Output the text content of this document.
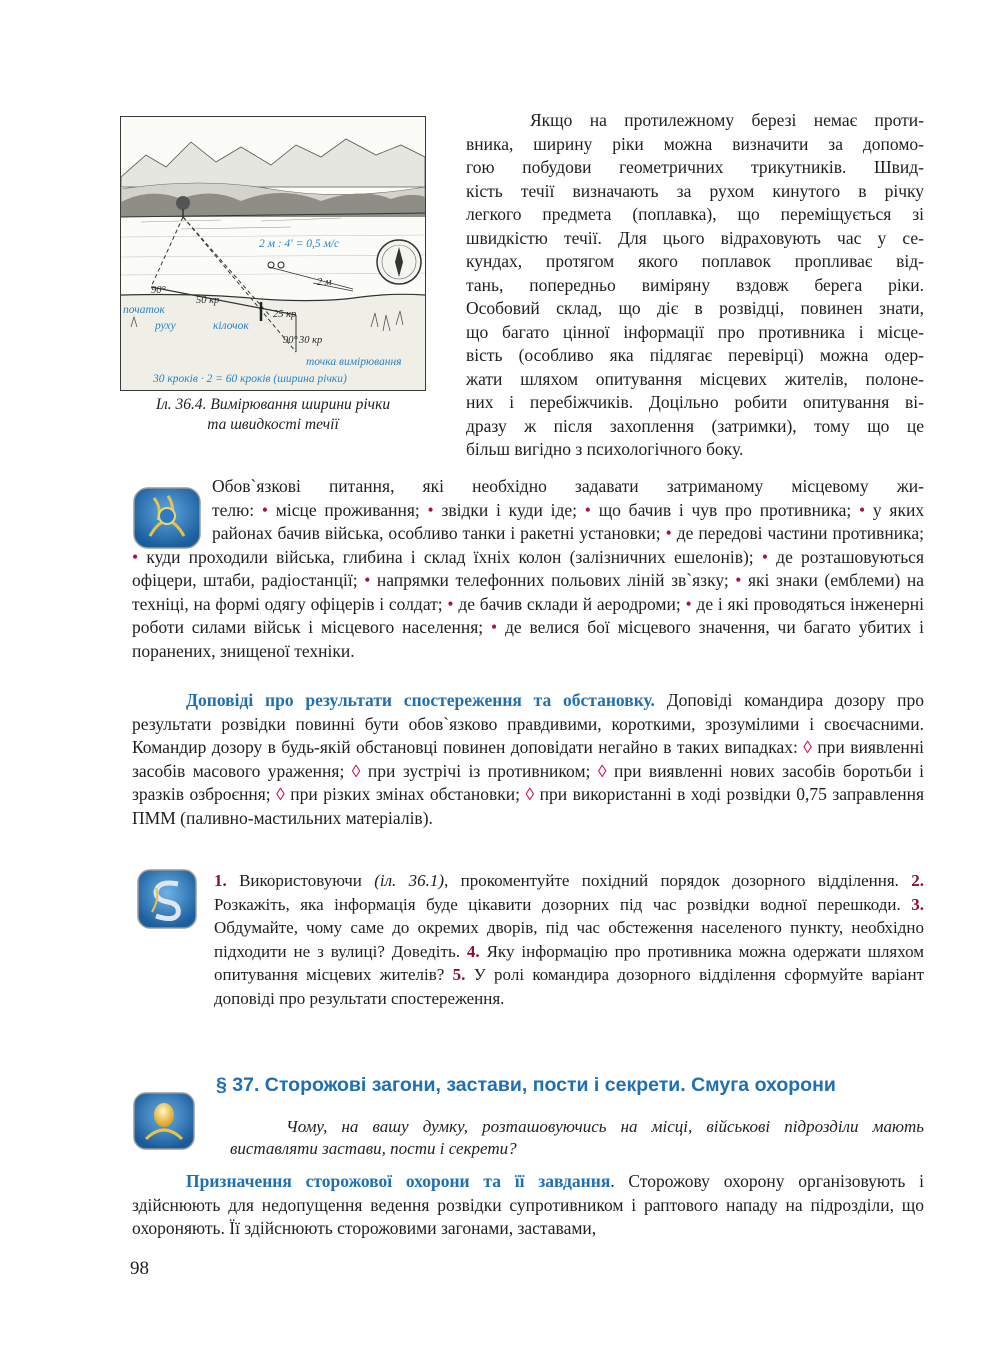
2 м : 4' = 0,5 м/с
2 м
90°
50 кр
25 кр
90° 30 кр
початок
руху	кілочок
точка вимірювання
30 кроків · 2 = 60 кроків (ширина річки)
Іл. 36.4. Вимірювання ширини річки
та швидкості течії
Якщо на протилежному березі немає проти-
вника, ширину ріки можна визначити за допомо-
гою побудови геометричних трикутників. Швид-
кість течії визначають за рухом кинутого в річку
легкого предмета (поплавка), що переміщується зі
швидкістю течії. Для цього відраховують час у се-
кундах, протягом якого поплавок пропливає від-
тань, попередньо виміряну вздовж берега ріки.
Особовий склад, що діє в розвідці, повинен знати,
що багато цінної інформації про противника і місце-
вість (особливо яка підлягає перевірці) можна одер-
жати шляхом опитування місцевих жителів, полоне-
них і перебіжчиків. Доцільно робити опитування ві-
дразу ж після захоплення (затримки), тому що це
більш вигідно з психологічного боку.
Обов`язкові питання, які необхідно задавати затриманому місцевому жи-
телю: • місце проживання; • звідки і куди іде; • що бачив і чув про противника; • у яких районах бачив війська, особливо танки і ракетні установки; • де передові частини противника; • куди проходили війська, глибина і склад їхніх колон (залізничних ешелонів); • де розташовуються офіцери, штаби, радіостанції; • напрямки телефонних польових ліній зв`язку; • які знаки (емблеми) на техніці, на формі одягу офіцерів і солдат; • де бачив склади й аеродроми; • де і які проводяться інженерні роботи силами військ і місцевого населення; • де велися бої місцевого значення, чи багато убитих і поранених, знищеної техніки.
Доповіді про результати спостереження та обстановку. Доповіді командира дозору про результати розвідки повинні бути обов`язково правдивими, короткими, зрозумілими і своєчасними. Командир дозору в будь-якій обстановці повинен доповідати негайно в таких випадках: ◊ при виявленні засобів масового ураження; ◊ при зустрічі із противником; ◊ при виявленні нових засобів боротьби і зразків озброєння; ◊ при різких змінах обстановки; ◊ при використанні в ході розвідки 0,75 заправлення ПММ (паливно-мастильних матеріалів).
1. Використовуючи (іл. 36.1), прокоментуйте похідний порядок дозорного відділення. 2. Розкажіть, яка інформація буде цікавити дозорних під час розвідки водної перешкоди. 3. Обдумайте, чому саме до окремих дворів, під час обстеження населеного пункту, необхідно підходити не з вулиці? Доведіть. 4. Яку інформацію про противника можна одержати шляхом опитування місцевих жителів? 5. У ролі командира дозорного відділення сформуйте варіант доповіді про результати спостереження.
§ 37. Сторожові загони, застави, пости і секрети. Смуга охорони
Чому, на вашу думку, розташовуючись на місці, військові підрозділи мають виставляти застави, пости і секрети?
Призначення сторожової охорони та її завдання. Сторожову охорону організовують і здійснюють для недопущення ведення розвідки супротивником і раптового нападу на підрозділи, що охороняють. Її здійснюють сторожовими загонами, заставами,
98
